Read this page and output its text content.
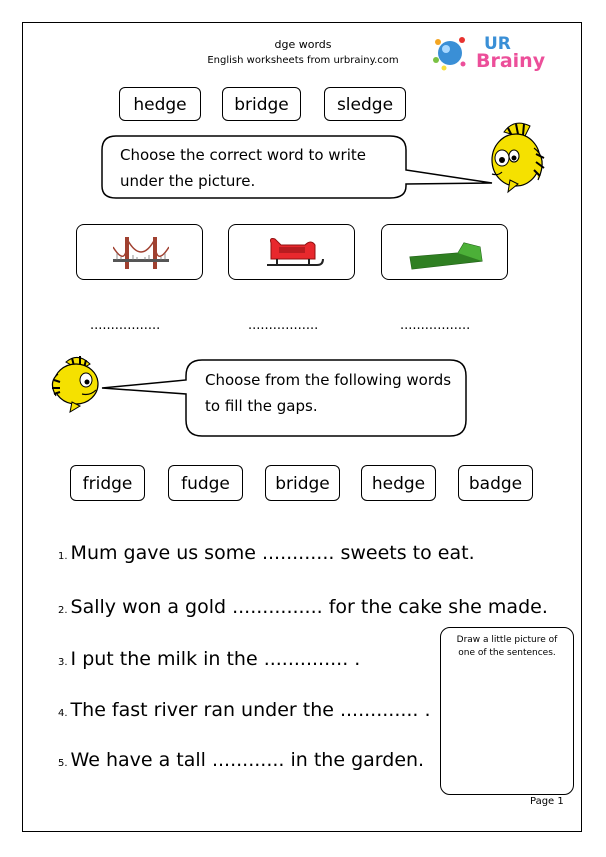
dge words
English worksheets from urbrainy.com
UR
Brainy
hedge	bridge	sledge
Choose the correct word to write
under the picture.
.................	.................	.................
Choose from the following words
to fill the gaps.
fridge	fudge	bridge	hedge	badge
1. Mum gave us some ............ sweets to eat.
2. Sally won a gold ............... for the cake she made.
3. I put the milk in the .............. .
4. The fast river ran under the ............. .
5. We have a tall ............ in the garden.
Draw a little picture of
one of the sentences.
Page 1
